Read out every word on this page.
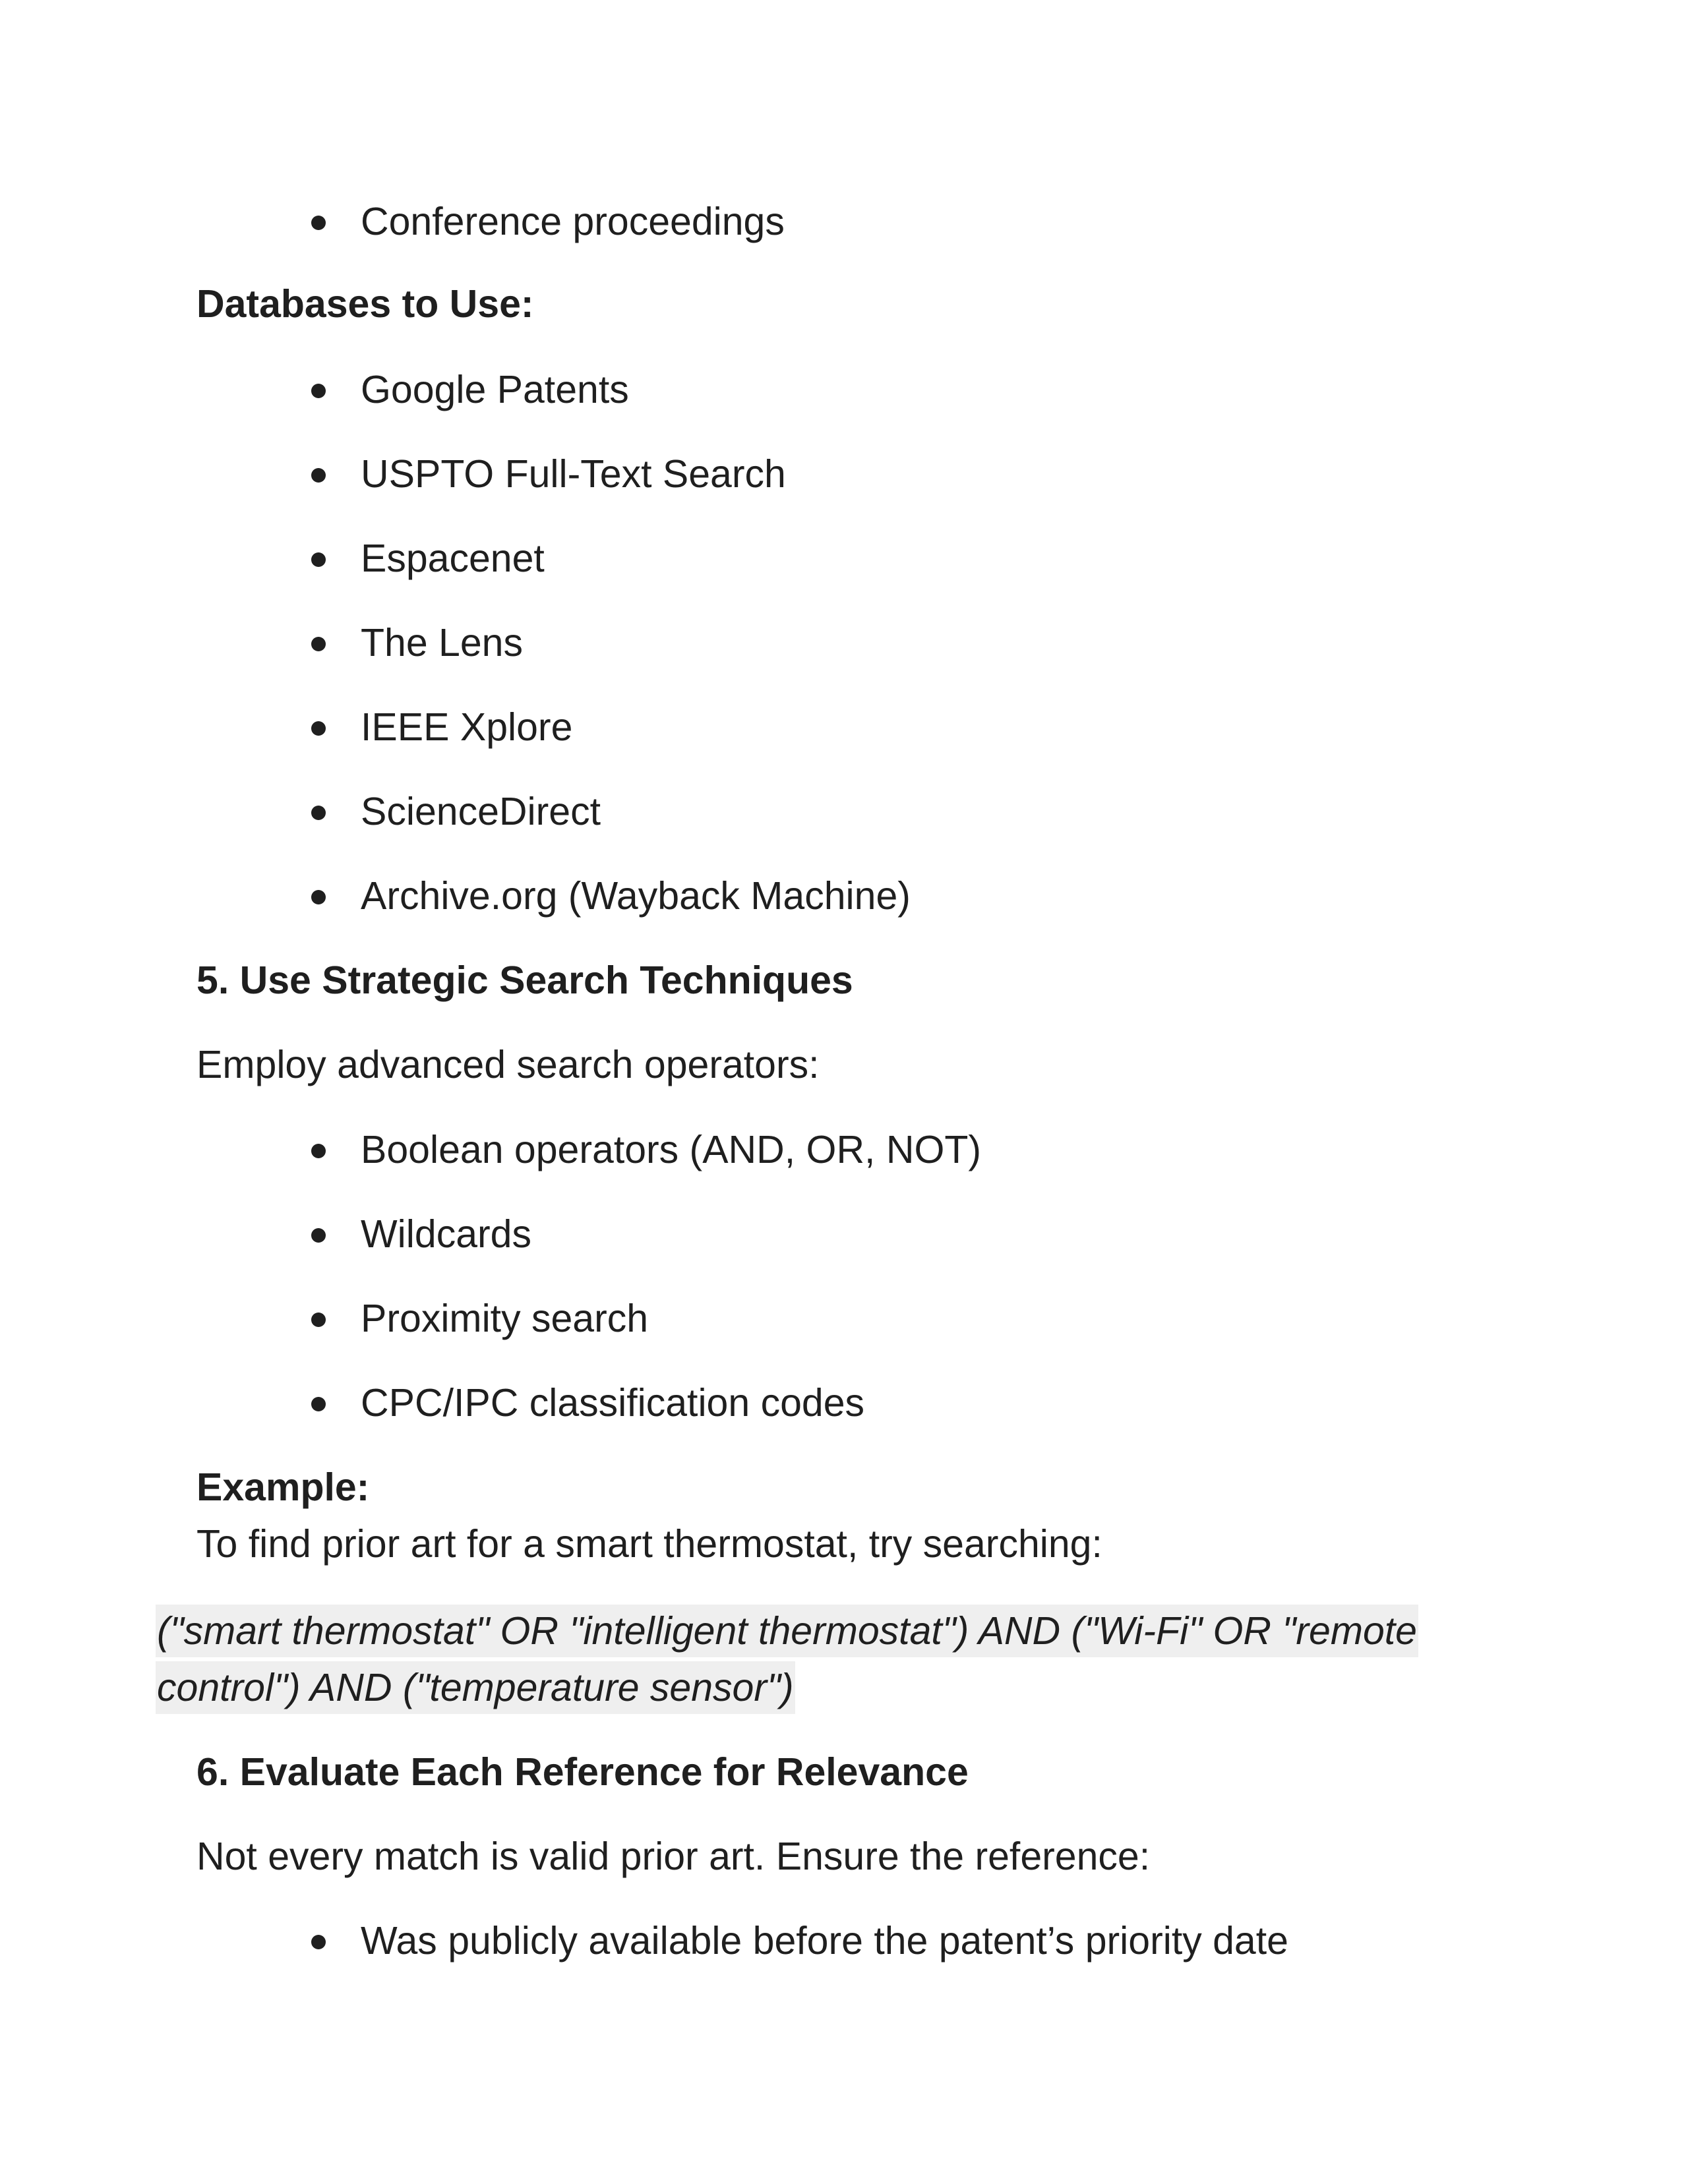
Conference proceedings
Databases to Use:
Google Patents
USPTO Full-Text Search
Espacenet
The Lens
IEEE Xplore
ScienceDirect
Archive.org (Wayback Machine)
5. Use Strategic Search Techniques
Employ advanced search operators:
Boolean operators (AND, OR, NOT)
Wildcards
Proximity search
CPC/IPC classification codes
Example:
To find prior art for a smart thermostat, try searching:
("smart thermostat" OR "intelligent thermostat") AND ("Wi-Fi" OR "remote
control") AND ("temperature sensor")
6. Evaluate Each Reference for Relevance
Not every match is valid prior art. Ensure the reference:
Was publicly available before the patent’s priority date
